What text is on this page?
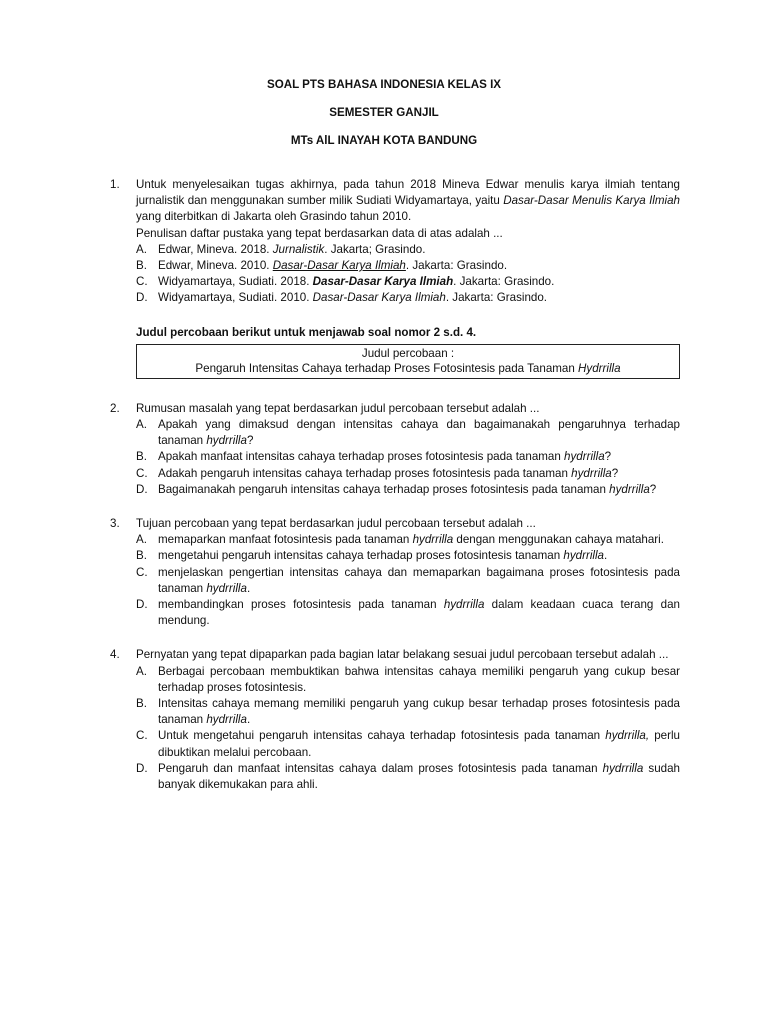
SOAL PTS BAHASA INDONESIA KELAS IX
SEMESTER GANJIL
MTs AlL INAYAH KOTA BANDUNG
1. Untuk menyelesaikan tugas akhirnya, pada tahun 2018 Mineva Edwar menulis karya ilmiah tentang jurnalistik dan menggunakan sumber milik Sudiati Widyamartaya, yaitu Dasar-Dasar Menulis Karya Ilmiah yang diterbitkan di Jakarta oleh Grasindo tahun 2010.
Penulisan daftar pustaka yang tepat berdasarkan data di atas adalah ...
A. Edwar, Mineva. 2018. Jurnalistik. Jakarta; Grasindo.
B. Edwar, Mineva. 2010. Dasar-Dasar Karya Ilmiah. Jakarta: Grasindo.
C. Widyamartaya, Sudiati. 2018. Dasar-Dasar Karya Ilmiah. Jakarta: Grasindo.
D. Widyamartaya, Sudiati. 2010. Dasar-Dasar Karya Ilmiah. Jakarta: Grasindo.
Judul percobaan berikut untuk menjawab soal nomor 2 s.d. 4.
Judul percobaan :
Pengaruh Intensitas Cahaya terhadap Proses Fotosintesis pada Tanaman Hydrrilla
2. Rumusan masalah yang tepat berdasarkan judul percobaan tersebut adalah ...
A. Apakah yang dimaksud dengan intensitas cahaya dan bagaimanakah pengaruhnya terhadap tanaman hydrrilla?
B. Apakah manfaat intensitas cahaya terhadap proses fotosintesis pada tanaman hydrrilla?
C. Adakah pengaruh intensitas cahaya terhadap proses fotosintesis pada tanaman hydrrilla?
D. Bagaimanakah pengaruh intensitas cahaya terhadap proses fotosintesis pada tanaman hydrrilla?
3. Tujuan percobaan yang tepat berdasarkan judul percobaan tersebut adalah ...
A. memaparkan manfaat fotosintesis pada tanaman hydrrilla dengan menggunakan cahaya matahari.
B. mengetahui pengaruh intensitas cahaya terhadap proses fotosintesis tanaman hydrrilla.
C. menjelaskan pengertian intensitas cahaya dan memaparkan bagaimana proses fotosintesis pada tanaman hydrrilla.
D. membandingkan proses fotosintesis pada tanaman hydrrilla dalam keadaan cuaca terang dan mendung.
4. Pernyatan yang tepat dipaparkan pada bagian latar belakang sesuai judul percobaan tersebut adalah ...
A. Berbagai percobaan membuktikan bahwa intensitas cahaya memiliki pengaruh yang cukup besar terhadap proses fotosintesis.
B. Intensitas cahaya memang memiliki pengaruh yang cukup besar terhadap proses fotosintesis pada tanaman hydrrilla.
C. Untuk mengetahui pengaruh intensitas cahaya terhadap fotosintesis pada tanaman hydrrilla, perlu dibuktikan melalui percobaan.
D. Pengaruh dan manfaat intensitas cahaya dalam proses fotosintesis pada tanaman hydrrilla sudah banyak dikemukakan para ahli.
